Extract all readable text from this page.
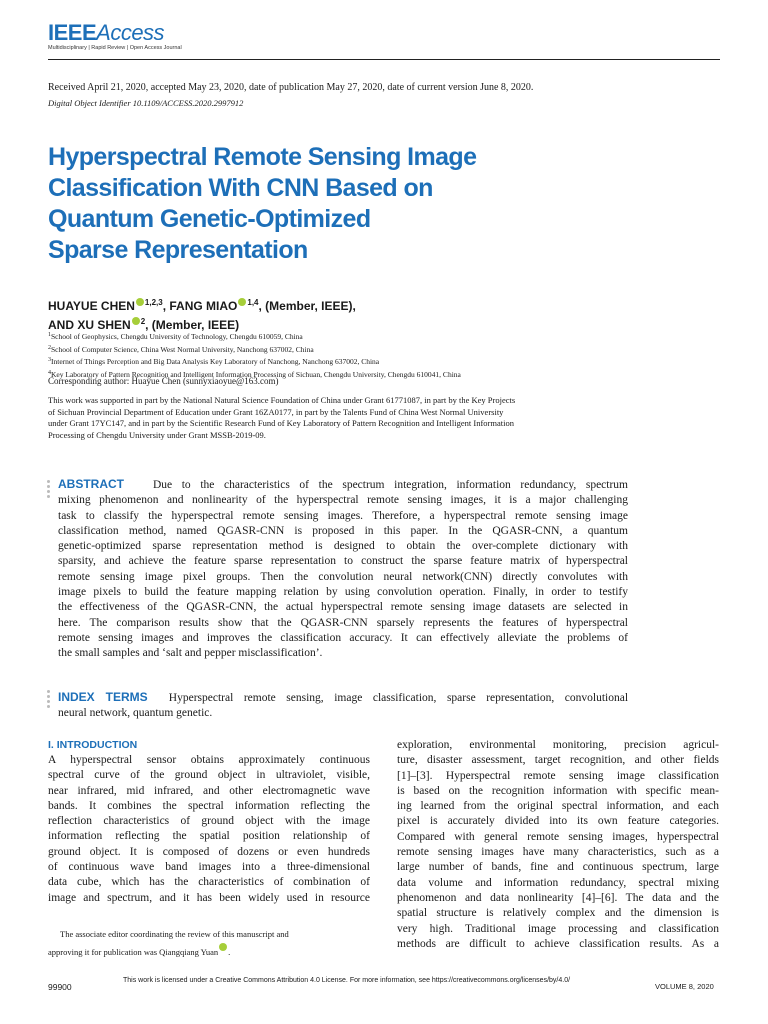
IEEEAccess
Multidisciplinary | Rapid Review | Open Access Journal
Received April 21, 2020, accepted May 23, 2020, date of publication May 27, 2020, date of current version June 8, 2020.
Digital Object Identifier 10.1109/ACCESS.2020.2997912
Hyperspectral Remote Sensing Image
Classification With CNN Based on
Quantum Genetic-Optimized
Sparse Representation
HUAYUE CHEN $^{1,2,3}$, FANG MIAO $^{1,4}$, (Member, IEEE),
AND XU SHEN $^2$, (Member, IEEE)
$^1$School of Geophysics, Chengdu University of Technology, Chengdu 610059, China
$^2$School of Computer Science, China West Normal University, Nanchong 637002, China
$^3$Internet of Things Perception and Big Data Analysis Key Laboratory of Nanchong, Nanchong 637002, China
$^4$Key Laboratory of Pattern Recognition and Intelligent Information Processing of Sichuan, Chengdu University, Chengdu 610041, China
Corresponding author: Huayue Chen (sunnyxiaoyue@163.com)
This work was supported in part by the National Natural Science Foundation of China under Grant 61771087, in part by the Key Projects
of Sichuan Provincial Department of Education under Grant 16ZA0177, in part by the Talents Fund of China West Normal University
under Grant 17YC147, and in part by the Scientific Research Fund of Key Laboratory of Pattern Recognition and Intelligent Information
Processing of Chengdu University under Grant MSSB-2019-09.
ABSTRACT	Due to the characteristics of the spectrum integration, information redundancy, spectrum
mixing phenomenon and nonlinearity of the hyperspectral remote sensing images, it is a major challenging
task to classify the hyperspectral remote sensing images. Therefore, a hyperspectral remote sensing image
classification method, named QGASR-CNN is proposed in this paper. In the QGASR-CNN, a quantum
genetic-optimized sparse representation method is designed to obtain the over-complete dictionary with
sparsity, and achieve the feature sparse representation to construct the sparse feature matrix of hyperspectral
remote sensing image pixel groups. Then the convolution neural network(CNN) directly convolutes with
image pixels to build the feature mapping relation by using convolution operation. Finally, in order to testify
the effectiveness of the QGASR-CNN, the actual hyperspectral remote sensing image datasets are selected in
here. The comparison results show that the QGASR-CNN sparsely represents the features of hyperspectral
remote sensing images and improves the classification accuracy. It can effectively alleviate the problems of
the small samples and ‘salt and pepper misclassification’.
INDEX TERMS Hyperspectral remote sensing, image classification, sparse representation, convolutional
neural network, quantum genetic.
I. INTRODUCTION
A hyperspectral sensor obtains approximately continuous
spectral curve of the ground object in ultraviolet, visible,
near infrared, mid infrared, and other electromagnetic wave
bands. It combines the spectral information reflecting the
reflection characteristics of ground object with the image
information reflecting the spatial position relationship of
ground object. It is composed of dozens or even hundreds
of continuous wave band images into a three-dimensional
data cube, which has the characteristics of combination of
image and spectrum, and it has been widely used in resource
exploration, environmental monitoring, precision agricul-
ture, disaster assessment, target recognition, and other fields
[1]–[3]. Hyperspectral remote sensing image classification
is based on the recognition information with specific mean-
ing learned from the original spectral information, and each
pixel is accurately divided into its own feature categories.
Compared with general remote sensing images, hyperspectral
remote sensing images have many characteristics, such as a
large number of bands, fine and continuous spectrum, large
data volume and information redundancy, spectral mixing
phenomenon and data nonlinearity [4]–[6]. The data and the
spatial structure is relatively complex and the dimension is
very high. Traditional image processing and classification
methods are difficult to achieve classification results. As a
The associate editor coordinating the review of this manuscript and
approving it for publication was Qiangqiang Yuan .
99900
This work is licensed under a Creative Commons Attribution 4.0 License. For more information, see https://creativecommons.org/licenses/by/4.0/
VOLUME 8, 2020
